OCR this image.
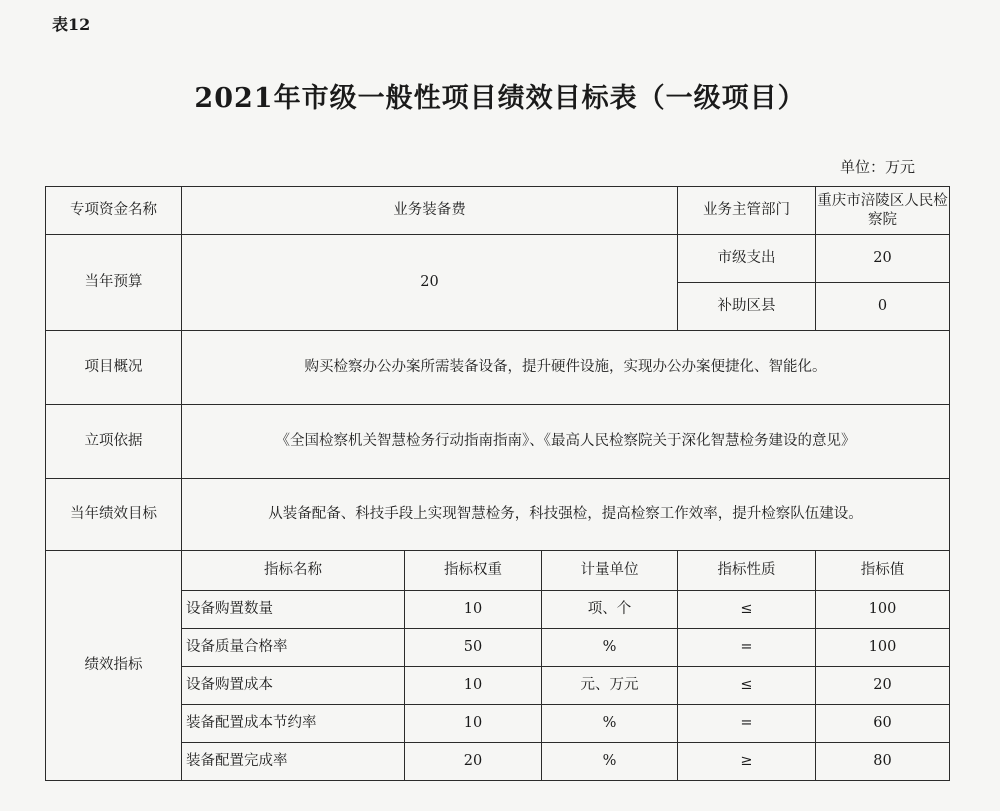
表12
2021年市级一般性项目绩效目标表（一级项目）
单位：万元
专项资金名称	业务装备费			业务主管部门	重庆市涪陵区人民检察院
当年预算	20			市级支出	20
				补助区县	0
项目概况	购买检察办公办案所需装备设备，提升硬件设施，实现办公办案便捷化、智能化。				
立项依据	《全国检察机关智慧检务行动指南指南》、《最高人民检察院关于深化智慧检务建设的意见》				
当年绩效目标	从装备配备、科技手段上实现智慧检务，科技强检，提高检察工作效率，提升检察队伍建设。				
绩效指标	指标名称	指标权重	计量单位	指标性质	指标值
	设备购置数量	10	项、个	≤	100
	设备质量合格率	50	%	=	100
	设备购置成本	10	元、万元	≤	20
	装备配置成本节约率	10	%	=	60
	装备配置完成率	20	%	≥	80
